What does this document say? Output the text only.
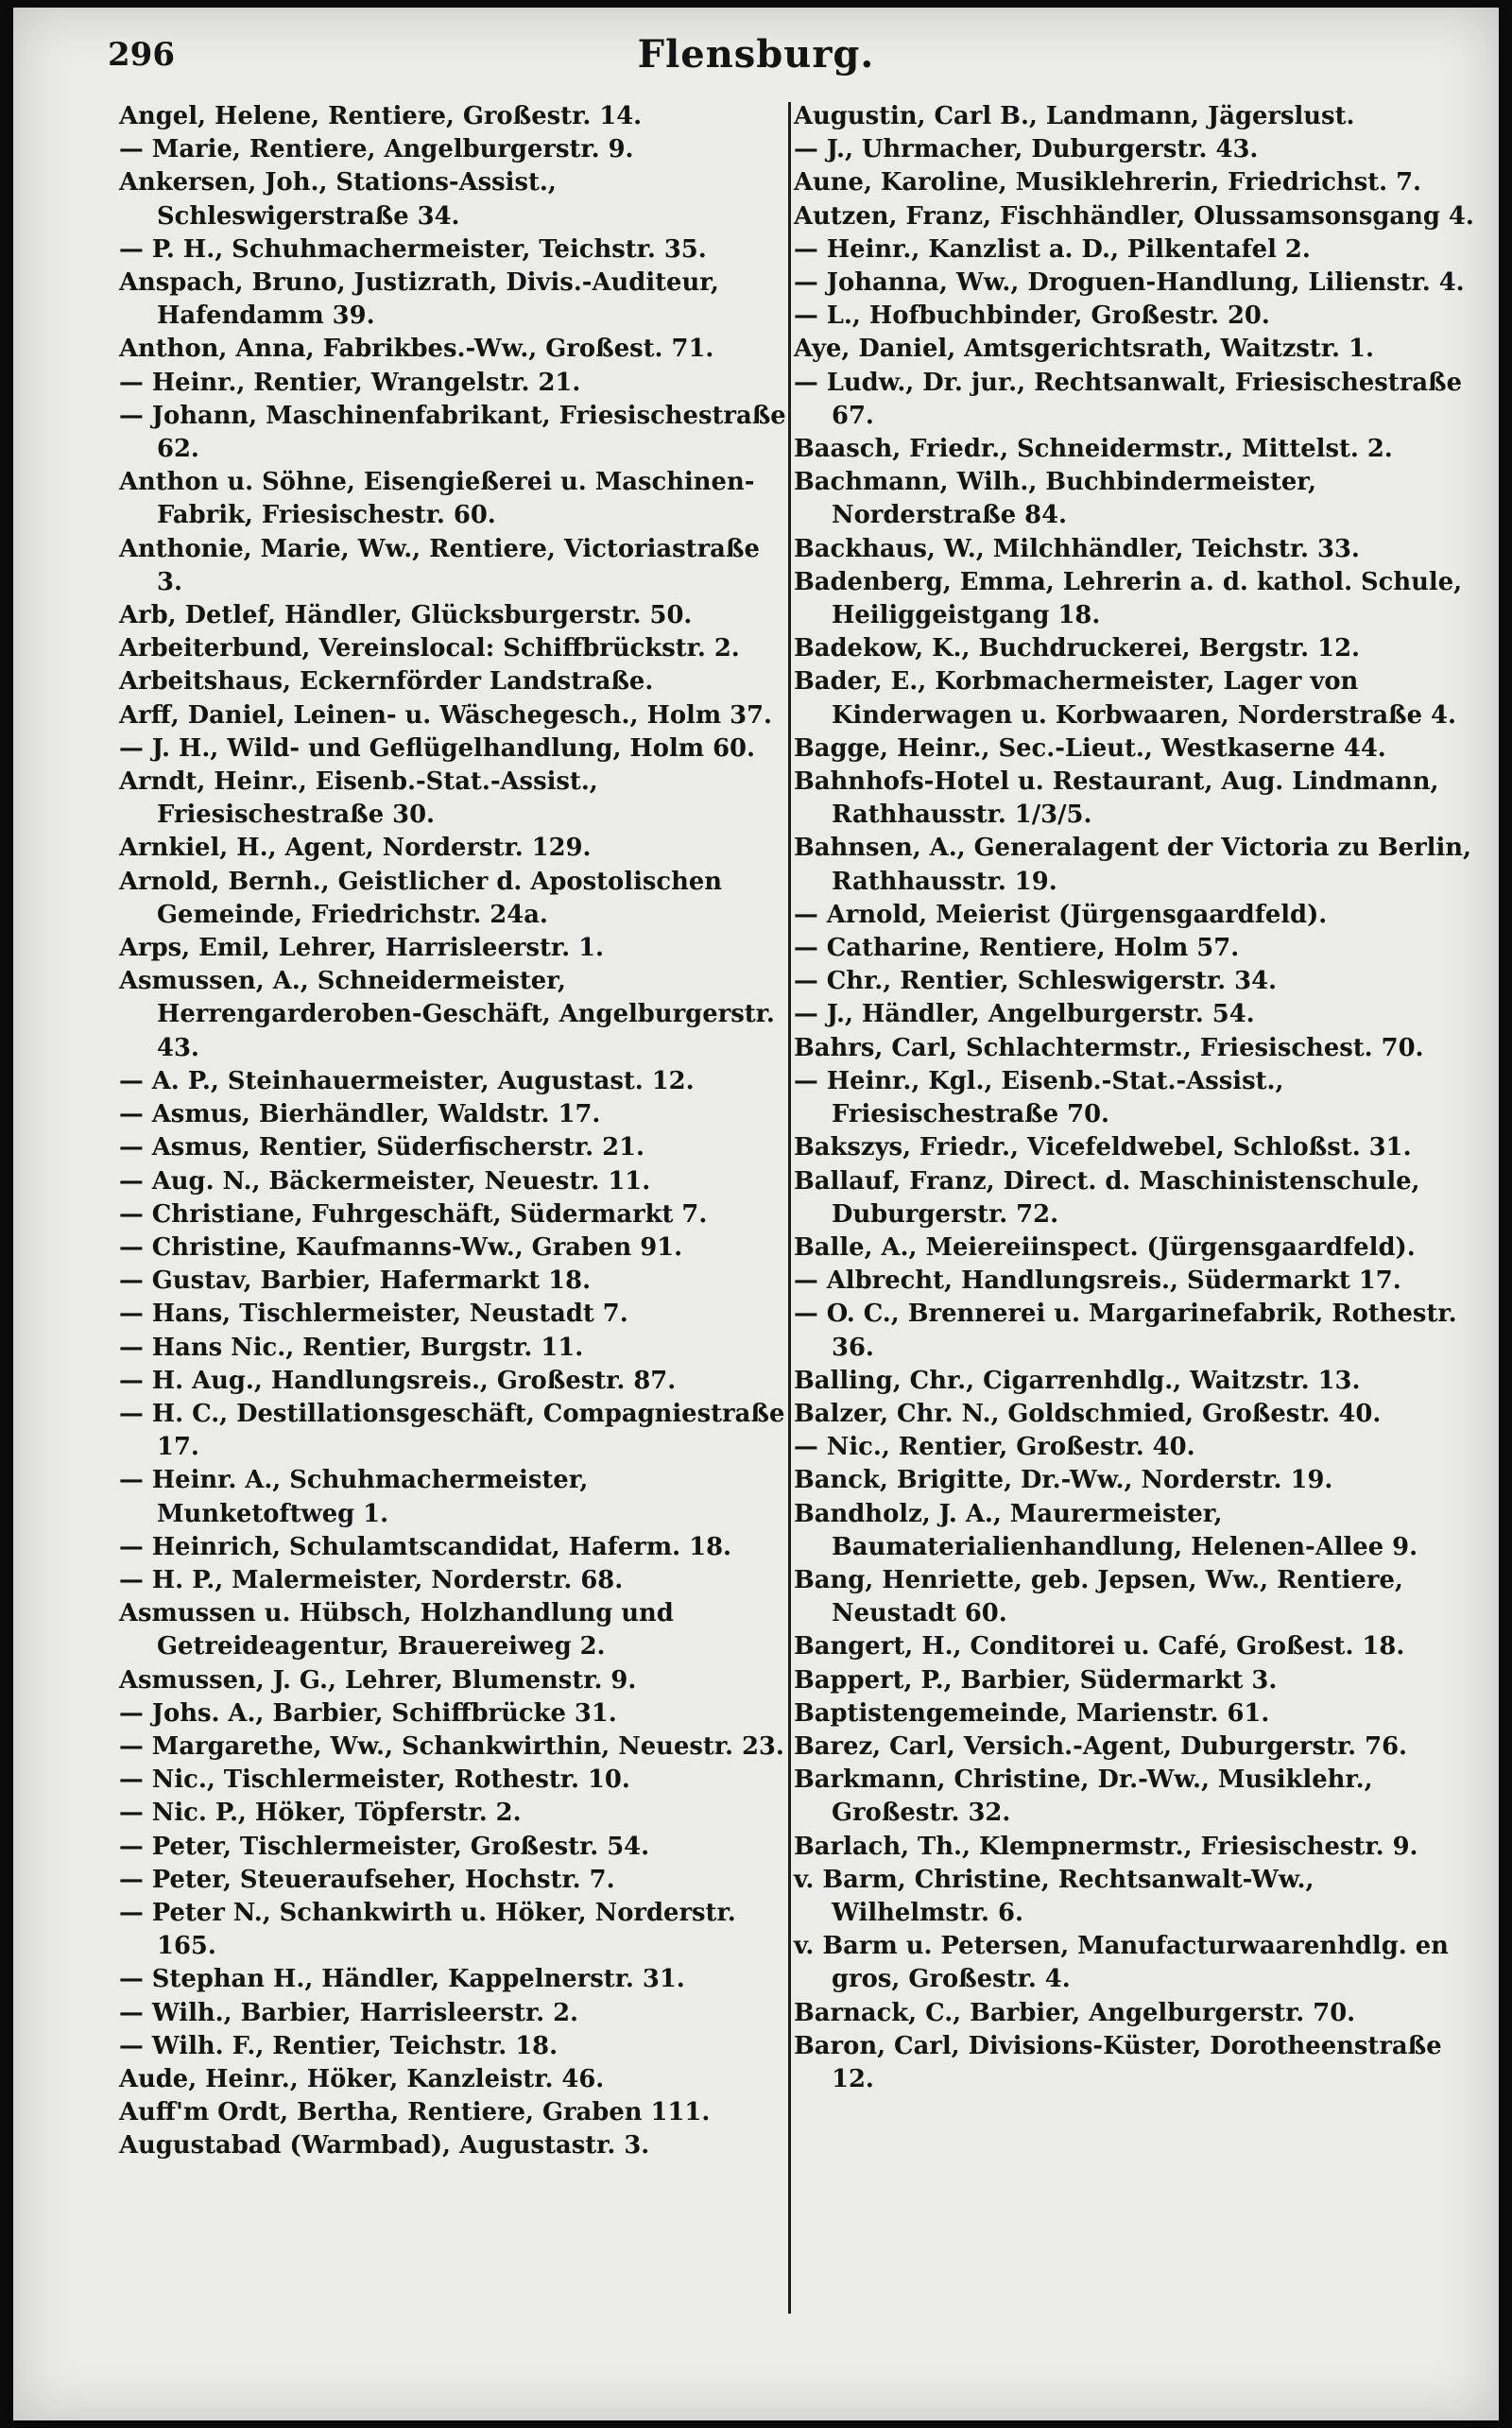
296	Flensburg.
Angel, Helene, Rentiere, Großestr. 14.
— Marie, Rentiere, Angelburgerstr. 9.
Ankersen, Joh., Stations-Assist., Schleswigerstraße 34.
— P. H., Schuhmachermeister, Teichstr. 35.
Anspach, Bruno, Justizrath, Divis.-Auditeur, Hafendamm 39.
Anthon, Anna, Fabrikbes.-Ww., Großest. 71.
— Heinr., Rentier, Wrangelstr. 21.
— Johann, Maschinenfabrikant, Friesischestraße 62.
Anthon u. Söhne, Eisengießerei u. Maschinen-Fabrik, Friesischestr. 60.
Anthonie, Marie, Ww., Rentiere, Victoriastraße 3.
Arb, Detlef, Händler, Glücksburgerstr. 50.
Arbeiterbund, Vereinslocal: Schiffbrückstr. 2.
Arbeitshaus, Eckernförder Landstraße.
Arff, Daniel, Leinen- u. Wäschegesch., Holm 37.
— J. H., Wild- und Geflügelhandlung, Holm 60.
Arndt, Heinr., Eisenb.-Stat.-Assist., Friesischestraße 30.
Arnkiel, H., Agent, Norderstr. 129.
Arnold, Bernh., Geistlicher d. Apostolischen Gemeinde, Friedrichstr. 24a.
Arps, Emil, Lehrer, Harrisleerstr. 1.
Asmussen, A., Schneidermeister, Herrengarderoben-Geschäft, Angelburgerstr. 43.
— A. P., Steinhauermeister, Augustast. 12.
— Asmus, Bierhändler, Waldstr. 17.
— Asmus, Rentier, Süderfischerstr. 21.
— Aug. N., Bäckermeister, Neuestr. 11.
— Christiane, Fuhrgeschäft, Südermarkt 7.
— Christine, Kaufmanns-Ww., Graben 91.
— Gustav, Barbier, Hafermarkt 18.
— Hans, Tischlermeister, Neustadt 7.
— Hans Nic., Rentier, Burgstr. 11.
— H. Aug., Handlungsreis., Großestr. 87.
— H. C., Destillationsgeschäft, Compagniestraße 17.
— Heinr. A., Schuhmachermeister, Munketoftweg 1.
— Heinrich, Schulamtscandidat, Haferm. 18.
— H. P., Malermeister, Norderstr. 68.
Asmussen u. Hübsch, Holzhandlung und Getreideagentur, Brauereiweg 2.
Asmussen, J. G., Lehrer, Blumenstr. 9.
— Johs. A., Barbier, Schiffbrücke 31.
— Margarethe, Ww., Schankwirthin, Neuestr. 23.
— Nic., Tischlermeister, Rothestr. 10.
— Nic. P., Höker, Töpferstr. 2.
— Peter, Tischlermeister, Großestr. 54.
— Peter, Steueraufseher, Hochstr. 7.
— Peter N., Schankwirth u. Höker, Norderstr. 165.
— Stephan H., Händler, Kappelnerstr. 31.
— Wilh., Barbier, Harrisleerstr. 2.
— Wilh. F., Rentier, Teichstr. 18.
Aude, Heinr., Höker, Kanzleistr. 46.
Auff'm Ordt, Bertha, Rentiere, Graben 111.
Augustabad (Warmbad), Augustastr. 3.
Augustin, Carl B., Landmann, Jägerslust.
— J., Uhrmacher, Duburgerstr. 43.
Aune, Karoline, Musiklehrerin, Friedrichst. 7.
Autzen, Franz, Fischhändler, Olussamsonsgang 4.
— Heinr., Kanzlist a. D., Pilkentafel 2.
— Johanna, Ww., Droguen-Handlung, Lilienstr. 4.
— L., Hofbuchbinder, Großestr. 20.
Aye, Daniel, Amtsgerichtsrath, Waitzstr. 1.
— Ludw., Dr. jur., Rechtsanwalt, Friesischestraße 67.
Baasch, Friedr., Schneidermstr., Mittelst. 2.
Bachmann, Wilh., Buchbindermeister, Norderstraße 84.
Backhaus, W., Milchhändler, Teichstr. 33.
Badenberg, Emma, Lehrerin a. d. kathol. Schule, Heiliggeistgang 18.
Badekow, K., Buchdruckerei, Bergstr. 12.
Bader, E., Korbmachermeister, Lager von Kinderwagen u. Korbwaaren, Norderstraße 4.
Bagge, Heinr., Sec.-Lieut., Westkaserne 44.
Bahnhofs-Hotel u. Restaurant, Aug. Lindmann, Rathhausstr. 1/3/5.
Bahnsen, A., Generalagent der Victoria zu Berlin, Rathhausstr. 19.
— Arnold, Meierist (Jürgensgaardfeld).
— Catharine, Rentiere, Holm 57.
— Chr., Rentier, Schleswigerstr. 34.
— J., Händler, Angelburgerstr. 54.
Bahrs, Carl, Schlachtermstr., Friesischest. 70.
— Heinr., Kgl., Eisenb.-Stat.-Assist., Friesischestraße 70.
Bakszys, Friedr., Vicefeldwebel, Schloßst. 31.
Ballauf, Franz, Direct. d. Maschinistenschule, Duburgerstr. 72.
Balle, A., Meiereiinspect. (Jürgensgaardfeld).
— Albrecht, Handlungsreis., Südermarkt 17.
— O. C., Brennerei u. Margarinefabrik, Rothestr. 36.
Balling, Chr., Cigarrenhdlg., Waitzstr. 13.
Balzer, Chr. N., Goldschmied, Großestr. 40.
— Nic., Rentier, Großestr. 40.
Banck, Brigitte, Dr.-Ww., Norderstr. 19.
Bandholz, J. A., Maurermeister, Baumaterialienhandlung, Helenen-Allee 9.
Bang, Henriette, geb. Jepsen, Ww., Rentiere, Neustadt 60.
Bangert, H., Conditorei u. Café, Großest. 18.
Bappert, P., Barbier, Südermarkt 3.
Baptistengemeinde, Marienstr. 61.
Barez, Carl, Versich.-Agent, Duburgerstr. 76.
Barkmann, Christine, Dr.-Ww., Musiklehr., Großestr. 32.
Barlach, Th., Klempnermstr., Friesischestr. 9.
v. Barm, Christine, Rechtsanwalt-Ww., Wilhelmstr. 6.
v. Barm u. Petersen, Manufacturwaarenhdlg. en gros, Großestr. 4.
Barnack, C., Barbier, Angelburgerstr. 70.
Baron, Carl, Divisions-Küster, Dorotheenstraße 12.
